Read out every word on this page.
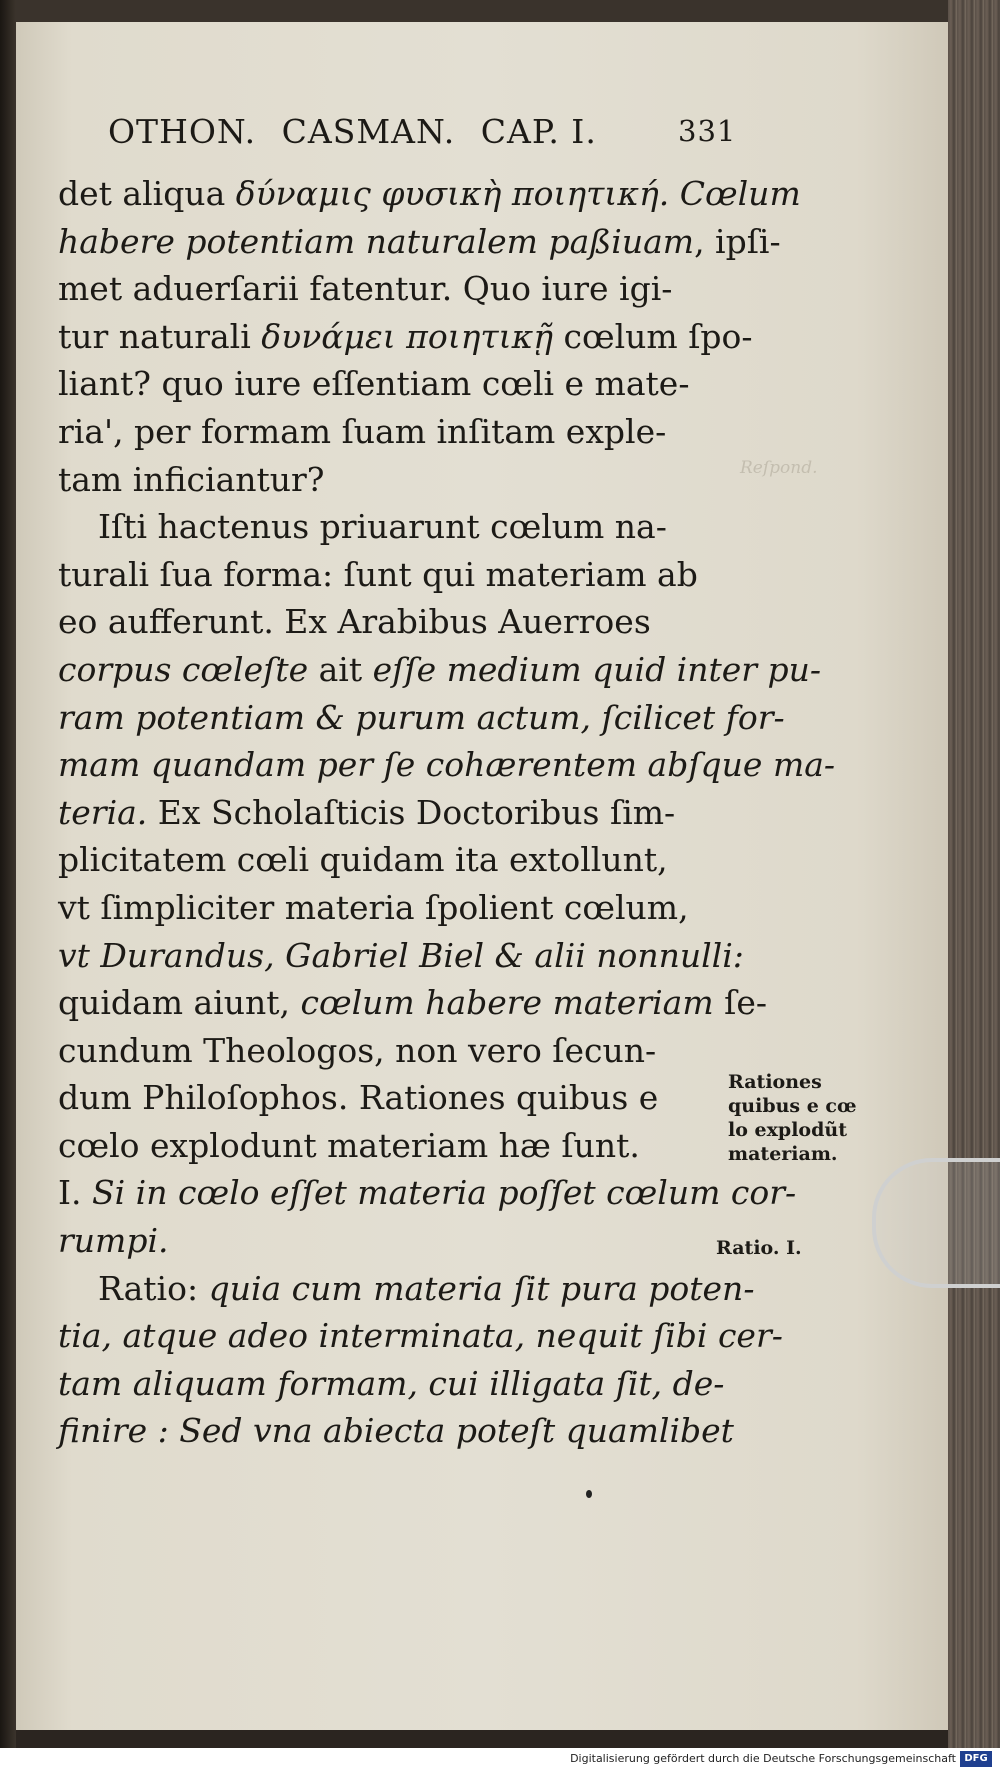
OTHON. CASMAN. CAP. I.	331
det aliqua δύναμις φυσικὴ ποιητική. Cœlum
habere potentiam naturalem paßiuam, ipſi-
met aduerſarii fatentur. Quo iure igi-
tur naturali δυνάμει ποιητικῇ cœlum ſpo-
liant? quo iure eſſentiam cœli e mate-
ria', per formam ſuam inſitam exple-
tam inficiantur?
Iſti hactenus priuarunt cœlum na-
turali ſua forma: ſunt qui materiam ab
eo aufferunt. Ex Arabibus Auerroes
corpus cœleſte ait eſſe medium quid inter pu-
ram potentiam & purum actum, ſcilicet for-
mam quandam per ſe cohærentem abſque ma-
teria. Ex Scholaſticis Doctoribus ſim-
plicitatem cœli quidam ita extollunt,
vt ſimpliciter materia ſpolient cœlum,
vt Durandus, Gabriel Biel & alii nonnulli:
quidam aiunt, cœlum habere materiam ſe-
cundum Theologos, non vero ſecun-
dum Philoſophos. Rationes quibus e
cœlo explodunt materiam hæ ſunt.
I. Si in cœlo eſſet materia poſſet cœlum cor-
rumpi.
Ratio: quia cum materia ſit pura poten-
tia, atque adeo interminata, nequit ſibi cer-
tam aliquam formam, cui illigata ſit, de-
finire : Sed vna abiecta poteſt quamlibet
Reſpond.
Rationes
quibus e cœ
lo explodũt
materiam.
Ratio. I.
Digitalisierung gefördert durch die Deutsche Forschungsgemeinschaft DFG
